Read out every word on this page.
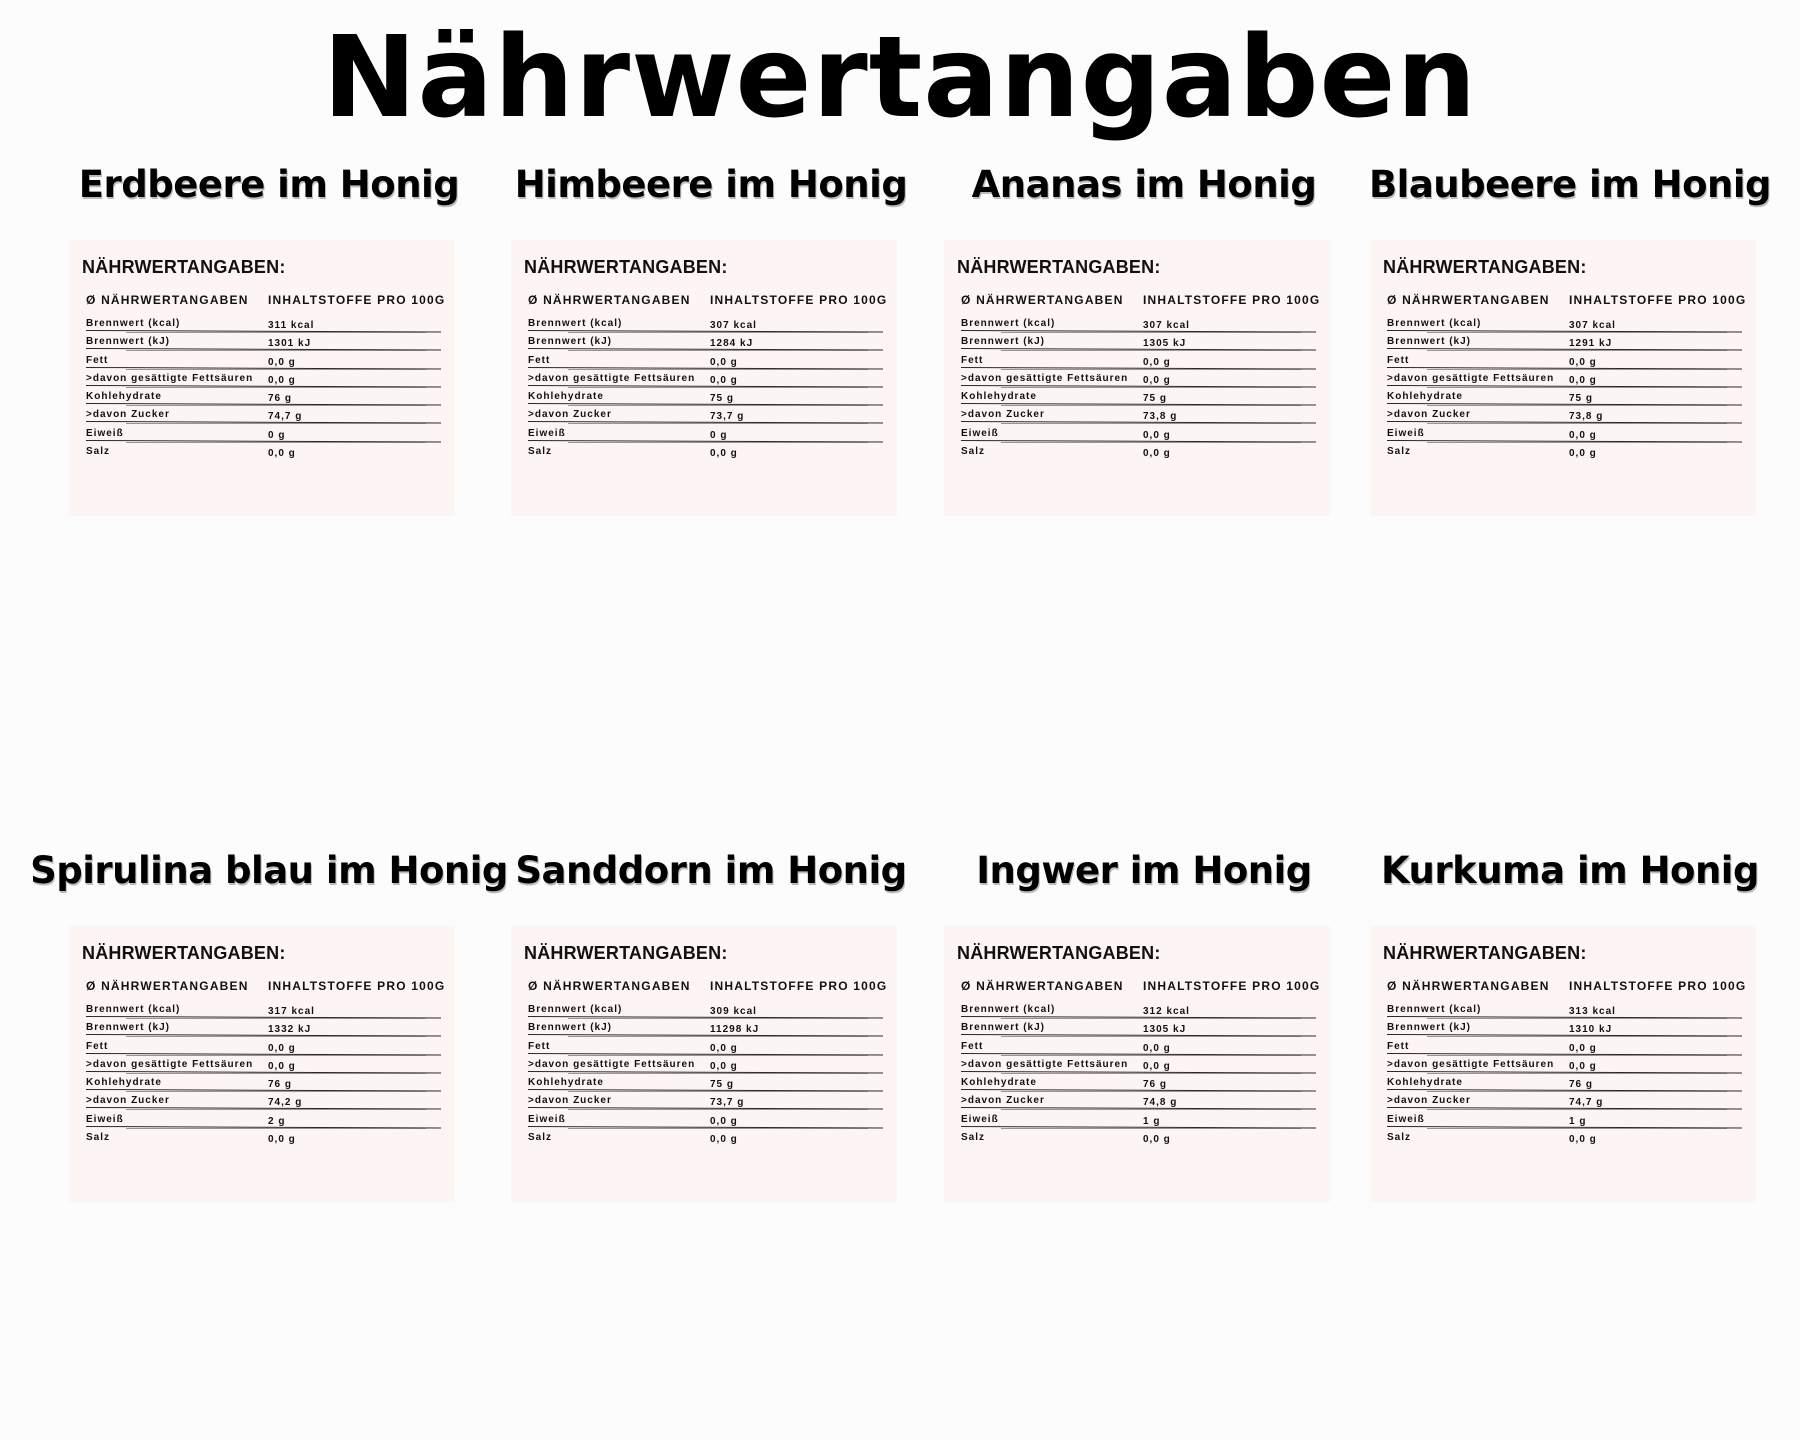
Nährwertangaben
Erdbeere im Honig
NÄHRWERTANGABEN:
Ø NÄHRWERTANGABEN INHALTSTOFFE PRO 100G
Brennwert (kcal)	311 kcal
Brennwert (kJ)	1301 kJ
Fett	0,0 g
>davon gesättigte Fettsäuren 0,0 g
Kohlehydrate	76 g
>davon Zucker	74,7 g
Eiweiß	0 g
Salz	0,0 g
Himbeere im Honig
NÄHRWERTANGABEN:
Ø NÄHRWERTANGABEN INHALTSTOFFE PRO 100G
Brennwert (kcal)	307 kcal
Brennwert (kJ)	1284 kJ
Fett	0,0 g
>davon gesättigte Fettsäuren 0,0 g
Kohlehydrate	75 g
>davon Zucker	73,7 g
Eiweiß	0 g
Salz	0,0 g
Ananas im Honig
NÄHRWERTANGABEN:
Ø NÄHRWERTANGABEN INHALTSTOFFE PRO 100G
Brennwert (kcal)	307 kcal
Brennwert (kJ)	1305 kJ
Fett	0,0 g
>davon gesättigte Fettsäuren 0,0 g
Kohlehydrate	75 g
>davon Zucker	73,8 g
Eiweiß	0,0 g
Salz	0,0 g
Blaubeere im Honig
NÄHRWERTANGABEN:
Ø NÄHRWERTANGABEN INHALTSTOFFE PRO 100G
Brennwert (kcal)	307 kcal
Brennwert (kJ)	1291 kJ
Fett	0,0 g
>davon gesättigte Fettsäuren 0,0 g
Kohlehydrate	75 g
>davon Zucker	73,8 g
Eiweiß	0,0 g
Salz	0,0 g
Spirulina blau im Honig
NÄHRWERTANGABEN:
Ø NÄHRWERTANGABEN INHALTSTOFFE PRO 100G
Brennwert (kcal)	317 kcal
Brennwert (kJ)	1332 kJ
Fett	0,0 g
>davon gesättigte Fettsäuren 0,0 g
Kohlehydrate	76 g
>davon Zucker	74,2 g
Eiweiß	2 g
Salz	0,0 g
Sanddorn im Honig
NÄHRWERTANGABEN:
Ø NÄHRWERTANGABEN INHALTSTOFFE PRO 100G
Brennwert (kcal)	309 kcal
Brennwert (kJ)	11298 kJ
Fett	0,0 g
>davon gesättigte Fettsäuren 0,0 g
Kohlehydrate	75 g
>davon Zucker	73,7 g
Eiweiß	0,0 g
Salz	0,0 g
Ingwer im Honig
NÄHRWERTANGABEN:
Ø NÄHRWERTANGABEN INHALTSTOFFE PRO 100G
Brennwert (kcal)	312 kcal
Brennwert (kJ)	1305 kJ
Fett	0,0 g
>davon gesättigte Fettsäuren 0,0 g
Kohlehydrate	76 g
>davon Zucker	74,8 g
Eiweiß	1 g
Salz	0,0 g
Kurkuma im Honig
NÄHRWERTANGABEN:
Ø NÄHRWERTANGABEN INHALTSTOFFE PRO 100G
Brennwert (kcal)	313 kcal
Brennwert (kJ)	1310 kJ
Fett	0,0 g
>davon gesättigte Fettsäuren 0,0 g
Kohlehydrate	76 g
>davon Zucker	74,7 g
Eiweiß	1 g
Salz	0,0 g
